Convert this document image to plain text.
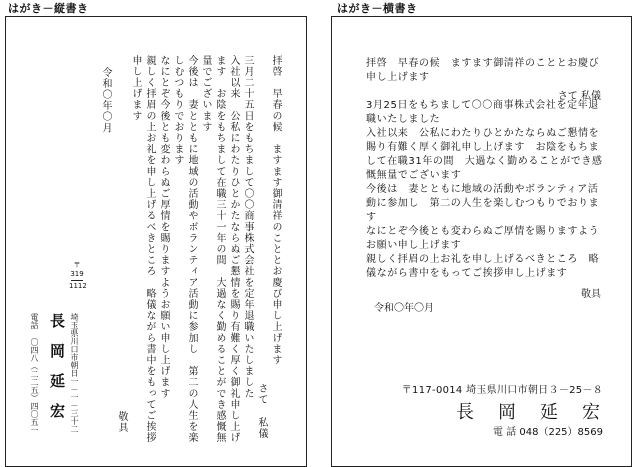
はがき－縦書き	はがき－横書き
拝啓　早春の候　ますます御清祥のこととお慶び申し上げます
さて 私儀
三月二十五日をもちまして〇〇商事株式会社を定年退職いたしました
入社以来　公私にわたりひとかたならぬご懇情を賜り有難く厚く御礼申し上げ
ます　お陰をもちまして在職三十一年の間　大過なく勤めることができ感慨無
量でございます
今後は　妻とともに地域の活動やボランティア活動に参加し　第二の人生を楽
しむつもりでおります
なにとぞ今後とも変わらぬご厚情を賜りますようお願い申し上げます
親しく拝眉の上お礼を申し上げるべきところ　略儀ながら書中をもってご挨拶
申し上げます
敬具
令和〇年〇月
〒
319
1112
埼玉県川口市朝日一－一－三十二
長　岡　延　宏
電話 〇四八（二二五）四〇五一
拝啓　早春の候　ますます御清祥のこととお慶び
申し上げます
さて 私儀
3月25日をもちまして〇〇商事株式会社を定年退
職いたしました
入社以来　公私にわたりひとかたならぬご懇情を
賜り有難く厚く御礼申し上げます　お陰をもちま
して在職31年の間　大過なく勤めることができ感
慨無量でございます
今後は　妻とともに地域の活動やボランティア活
動に参加し　第二の人生を楽しむつもりでおりま
す
なにとぞ今後とも変わらぬご厚情を賜りますよう
お願い申し上げます
親しく拝眉の上お礼を申し上げるべきところ　略
儀ながら書中をもってご挨拶申し上げます
敬具
令和〇年〇月
〒117-0014 埼玉県川口市朝日３－25－８
長　岡　延　宏
電 話 048（225）8569
